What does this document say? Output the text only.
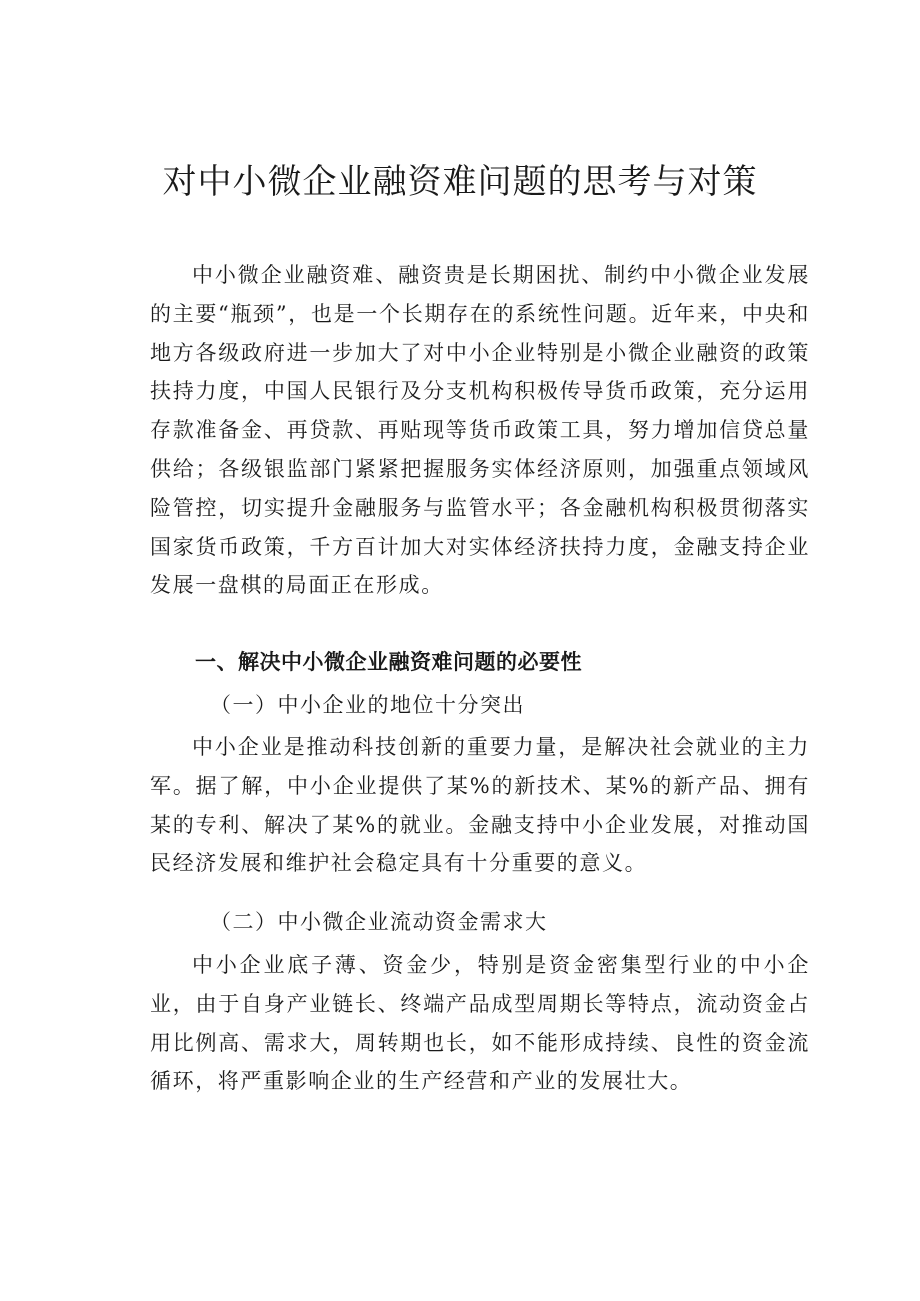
对中小微企业融资难问题的思考与对策

中小微企业融资难、融资贵是长期困扰、制约中小微企业发展的主要“瓶颈”，也是一个长期存在的系统性问题。近年来，中央和地方各级政府进一步加大了对中小企业特别是小微企业融资的政策扶持力度，中国人民银行及分支机构积极传导货币政策，充分运用存款准备金、再贷款、再贴现等货币政策工具，努力增加信贷总量供给；各级银监部门紧紧把握服务实体经济原则，加强重点领域风险管控，切实提升金融服务与监管水平；各金融机构积极贯彻落实国家货币政策，千方百计加大对实体经济扶持力度，金融支持企业发展一盘棋的局面正在形成。

一、解决中小微企业融资难问题的必要性
（一）中小企业的地位十分突出

中小企业是推动科技创新的重要力量，是解决社会就业的主力军。据了解，中小企业提供了某%的新技术、某%的新产品、拥有某的专利、解决了某%的就业。金融支持中小企业发展，对推动国民经济发展和维护社会稳定具有十分重要的意义。

（二）中小微企业流动资金需求大

中小企业底子薄、资金少，特别是资金密集型行业的中小企业，由于自身产业链长、终端产品成型周期长等特点，流动资金占用比例高、需求大，周转期也长，如不能形成持续、良性的资金流循环，将严重影响企业的生产经营和产业的发展壮大。
